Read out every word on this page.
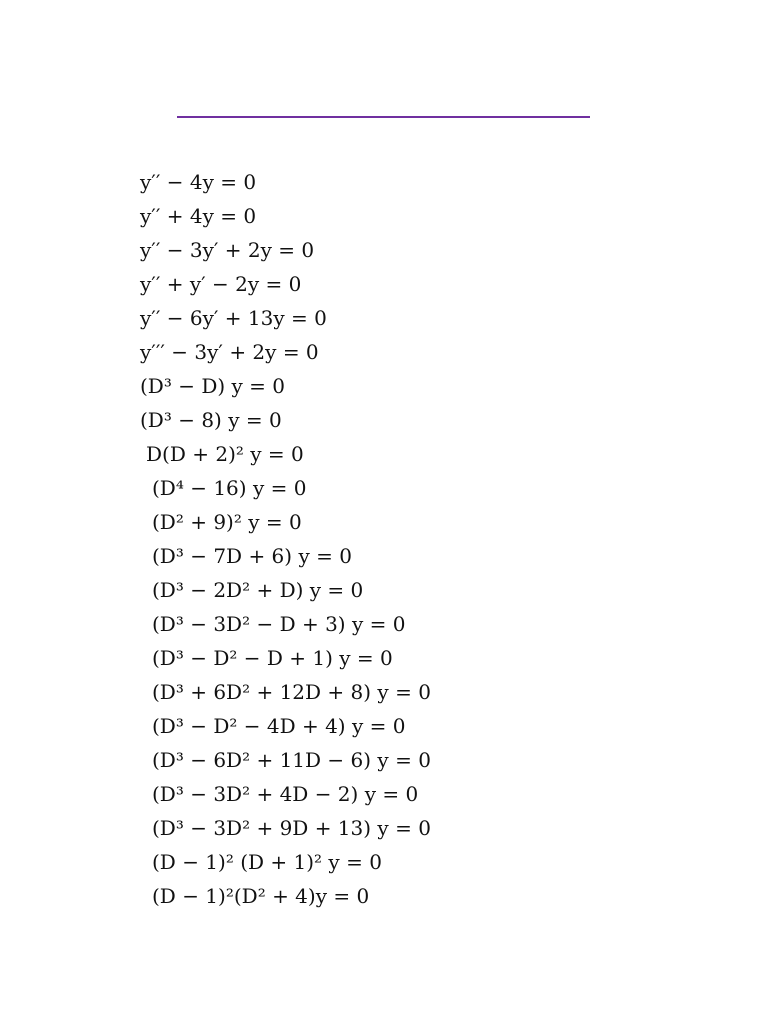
y′′ − 4y = 0
y′′ + 4y = 0
y′′ − 3y′ + 2y = 0
y′′ + y′ − 2y = 0
y′′ − 6y′ + 13y = 0
y′′′ − 3y′ + 2y = 0
(D³ − D) y = 0
(D³ − 8) y = 0
D(D + 2)² y = 0
(D⁴ − 16) y = 0
(D² + 9)² y = 0
(D³ − 7D + 6) y = 0
(D³ − 2D² + D) y = 0
(D³ − 3D² − D + 3) y = 0
(D³ − D² − D + 1) y = 0
(D³ + 6D² + 12D + 8) y = 0
(D³ − D² − 4D + 4) y = 0
(D³ − 6D² + 11D − 6) y = 0
(D³ − 3D² + 4D − 2) y = 0
(D³ − 3D² + 9D + 13) y = 0
(D − 1)² (D + 1)² y = 0
(D − 1)²(D² + 4)y = 0
